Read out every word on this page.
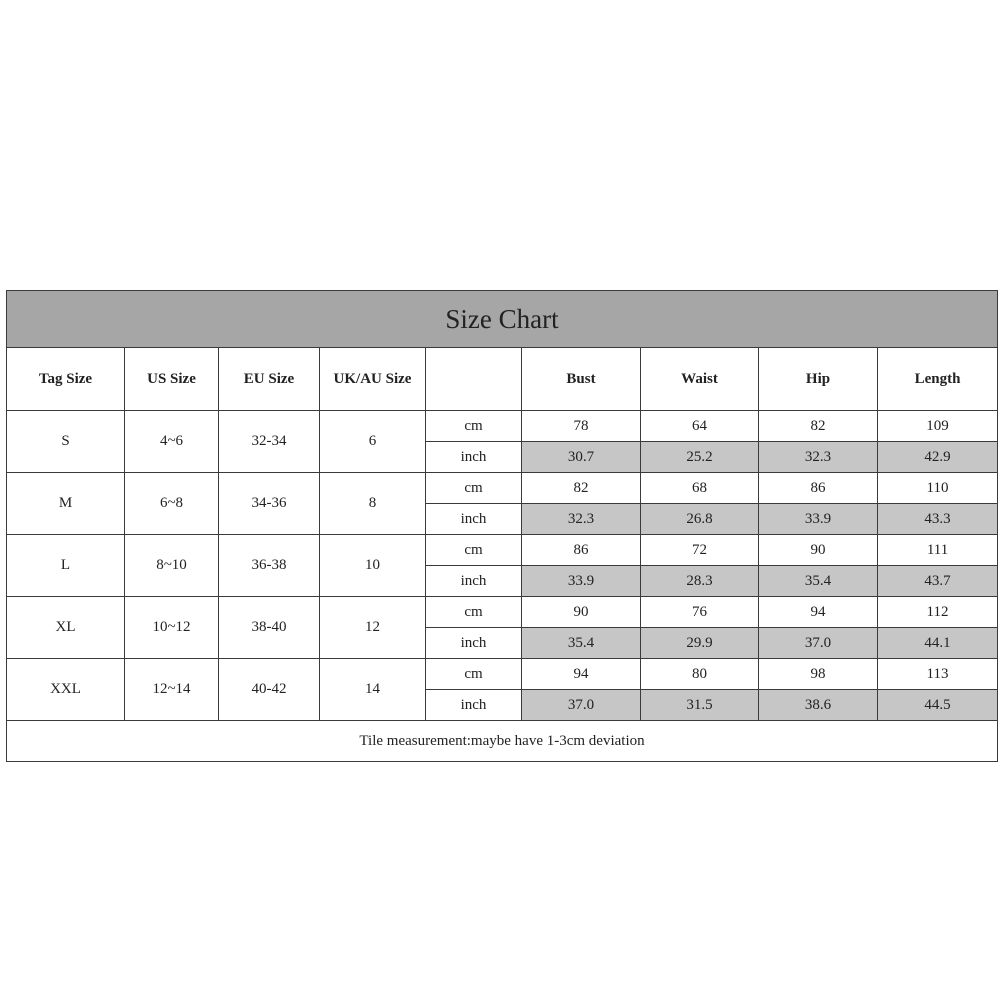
Size Chart								
Tag Size	US Size	EU Size	UK/AU Size		Bust	Waist	Hip	Length
S	4~6	32-34	6	cm	78	64	82	109
				inch	30.7	25.2	32.3	42.9
M	6~8	34-36	8	cm	82	68	86	110
				inch	32.3	26.8	33.9	43.3
L	8~10	36-38	10	cm	86	72	90	111
				inch	33.9	28.3	35.4	43.7
XL	10~12	38-40	12	cm	90	76	94	112
				inch	35.4	29.9	37.0	44.1
XXL	12~14	40-42	14	cm	94	80	98	113
				inch	37.0	31.5	38.6	44.5
Tile measurement:maybe have 1-3cm deviation								
